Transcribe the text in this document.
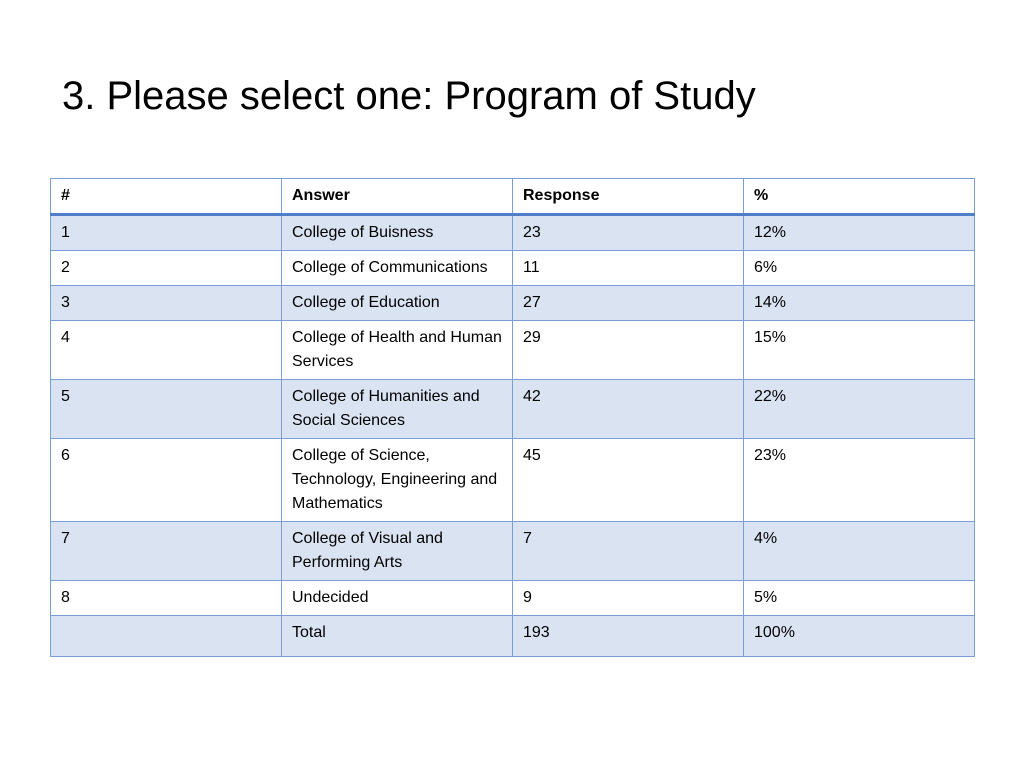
3. Please select one: Program of Study
#	Answer	Response	%
1	College of Buisness	23	12%
2	College of Communications	11	6%
3	College of Education	27	14%
4	College of Health and Human Services	29	15%
5	College of Humanities and Social Sciences	42	22%
6	College of Science, Technology, Engineering and Mathematics	45	23%
7	College of Visual and Performing Arts	7	4%
8	Undecided	9	5%
	Total	193	100%
